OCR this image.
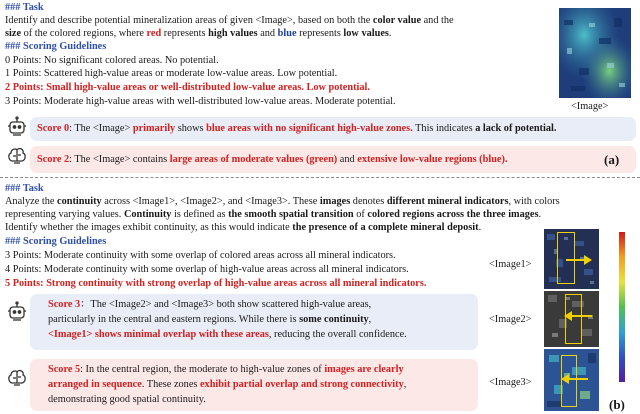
### Task
Identify and describe potential mineralization areas of given <Image>, based on both the color value and the
size of the colored regions, where red represents high values and blue represents low values.
### Scoring Guidelines
0 Points: No significant colored areas. No potential.
1 Points: Scattered high-value areas or moderate low-value areas. Low potential.
2 Points: Small high-value areas or well-distributed low-value areas. Low potential.
3 Points: Moderate high-value areas with well-distributed low-value areas. Moderate potential.	<Image>
Score 0: The <Image> primarily shows blue areas with no significant high-value zones. This indicates a lack of potential.
Score 2: The <Image> contains large areas of moderate values (green) and extensive low-value regions (blue).	(a)
### Task
Analyze the continuity across <Image1>, <Image2>, and <Image3>. These images denotes different mineral indicators, with colors
representing varying values. Continuity is defined as the smooth spatial transition of colored regions across the three images.
Identify whether the images exhibit continuity, as this would indicate the presence of a complete mineral deposit.
### Scoring Guidelines
3 Points: Moderate continuity with some overlap of colored areas across all mineral indicators.
4 Points: Moderate continuity with some overlap of high-value areas across all mineral indicators.
5 Points: Strong continuity with strong overlap of high-value areas across all mineral indicators.
Score 3：The <Image2> and <Image3> both show scattered high-value areas,
particularly in the central and eastern regions. While there is some continuity,
<Image1> shows minimal overlap with these areas, reducing the overall confidence.
Score 5: In the central region, the moderate to high-value zones of images are clearly
arranged in sequence. These zones exhibit partial overlap and strong connectivity,
demonstrating good spatial continuity.
<Image1>
<Image2>
<Image3>
(b)
